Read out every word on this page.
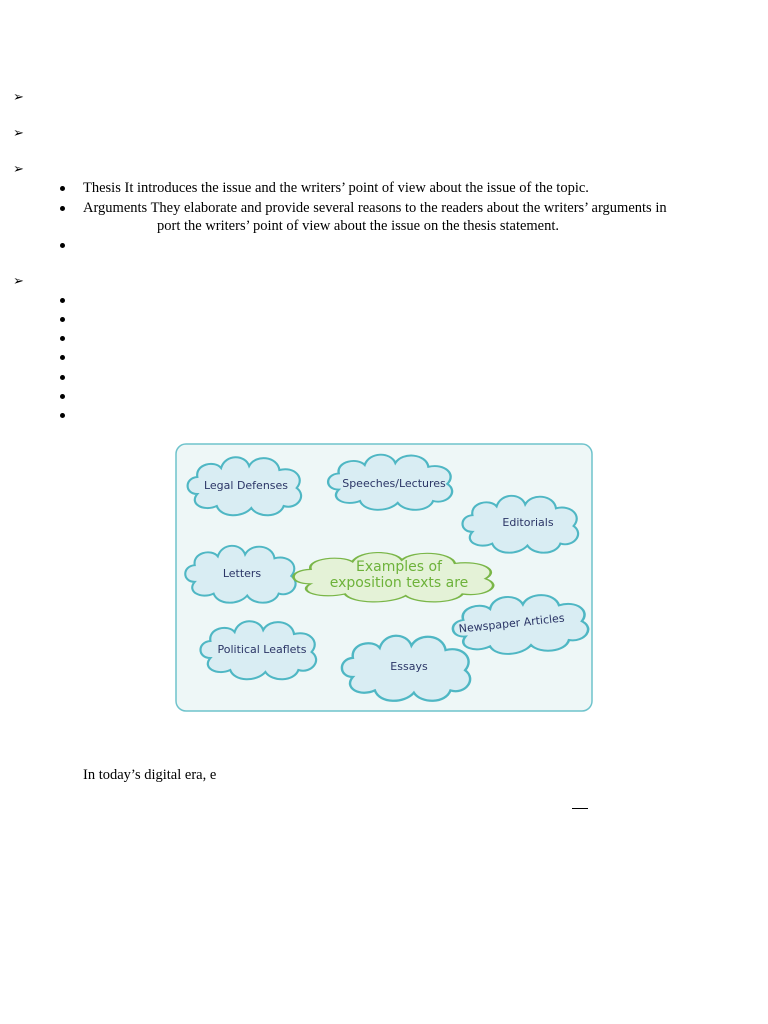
➢
➢
➢
➢
Thesis It introduces the issue and the writers’ point of view about the issue of the topic.
Arguments They elaborate and provide several reasons to the readers about the writers’ arguments in
port the writers’ point of view about the issue on the thesis statement.
Legal Defenses	Speeches/Lectures
Editorials
Letters	Examples of
exposition texts are
Newspaper Articles
Political Leaflets
Essays
In today’s digital era, e
